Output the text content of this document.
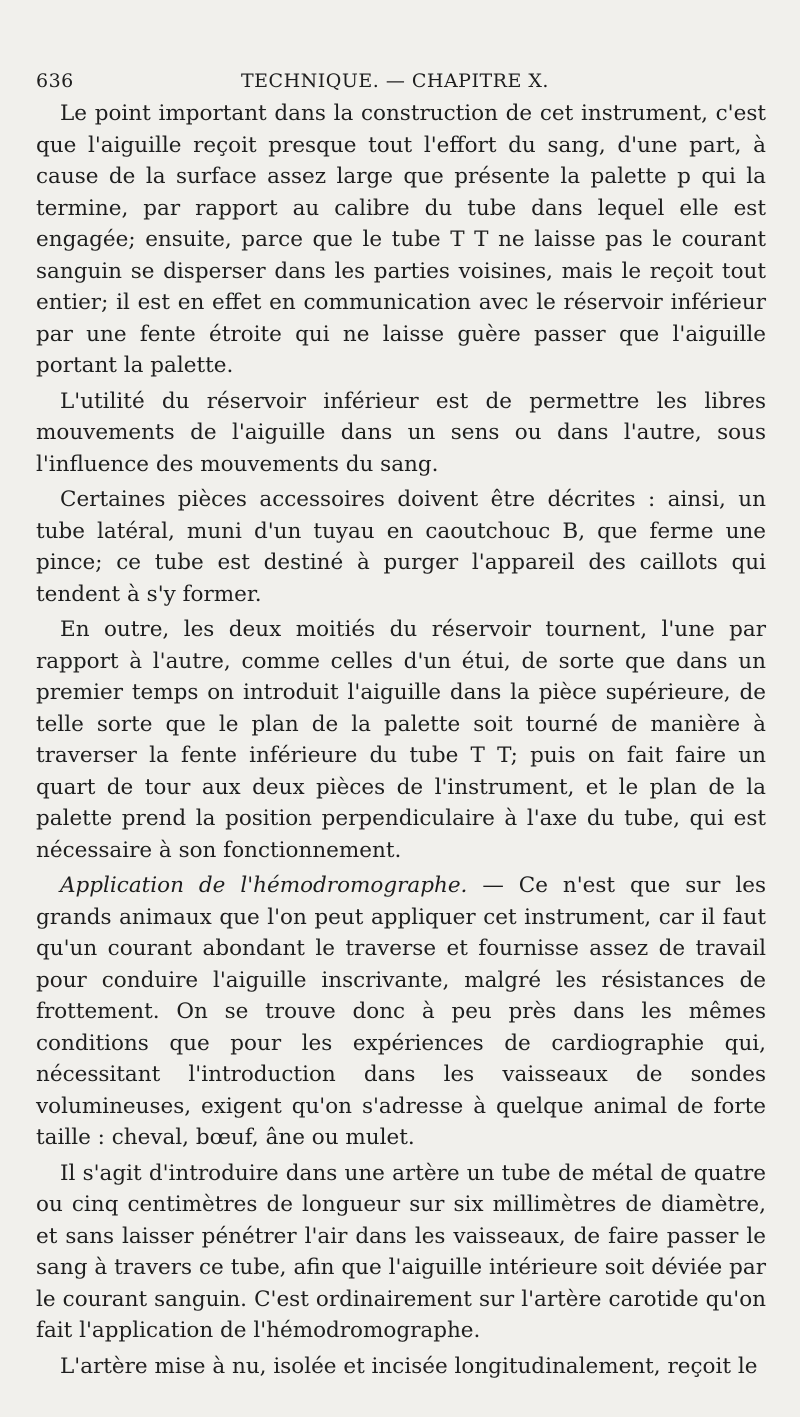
636	TECHNIQUE. — CHAPITRE X.

Le point important dans la construction de cet instrument, c'est que l'aiguille reçoit presque tout l'effort du sang, d'une part, à cause de la surface assez large que présente la palette p qui la termine, par rapport au calibre du tube dans lequel elle est engagée; ensuite, parce que le tube T T ne laisse pas le courant sanguin se disperser dans les parties voisines, mais le reçoit tout entier; il est en effet en communication avec le réservoir inférieur par une fente étroite qui ne laisse guère passer que l'aiguille portant la palette.

L'utilité du réservoir inférieur est de permettre les libres mouvements de l'aiguille dans un sens ou dans l'autre, sous l'influence des mouvements du sang.

Certaines pièces accessoires doivent être décrites : ainsi, un tube latéral, muni d'un tuyau en caoutchouc B, que ferme une pince; ce tube est destiné à purger l'appareil des caillots qui tendent à s'y former.

En outre, les deux moitiés du réservoir tournent, l'une par rapport à l'autre, comme celles d'un étui, de sorte que dans un premier temps on introduit l'aiguille dans la pièce supérieure, de telle sorte que le plan de la palette soit tourné de manière à traverser la fente inférieure du tube T T; puis on fait faire un quart de tour aux deux pièces de l'instrument, et le plan de la palette prend la position perpendiculaire à l'axe du tube, qui est nécessaire à son fonctionnement.

Application de l'hémodromographe. — Ce n'est que sur les grands animaux que l'on peut appliquer cet instrument, car il faut qu'un courant abondant le traverse et fournisse assez de travail pour conduire l'aiguille inscrivante, malgré les résistances de frottement. On se trouve donc à peu près dans les mêmes conditions que pour les expériences de cardiographie qui, nécessitant l'introduction dans les vaisseaux de sondes volumineuses, exigent qu'on s'adresse à quelque animal de forte taille : cheval, bœuf, âne ou mulet.

Il s'agit d'introduire dans une artère un tube de métal de quatre ou cinq centimètres de longueur sur six millimètres de diamètre, et sans laisser pénétrer l'air dans les vaisseaux, de faire passer le sang à travers ce tube, afin que l'aiguille intérieure soit déviée par le courant sanguin. C'est ordinairement sur l'artère carotide qu'on fait l'application de l'hémodromographe.

L'artère mise à nu, isolée et incisée longitudinalement, reçoit le
